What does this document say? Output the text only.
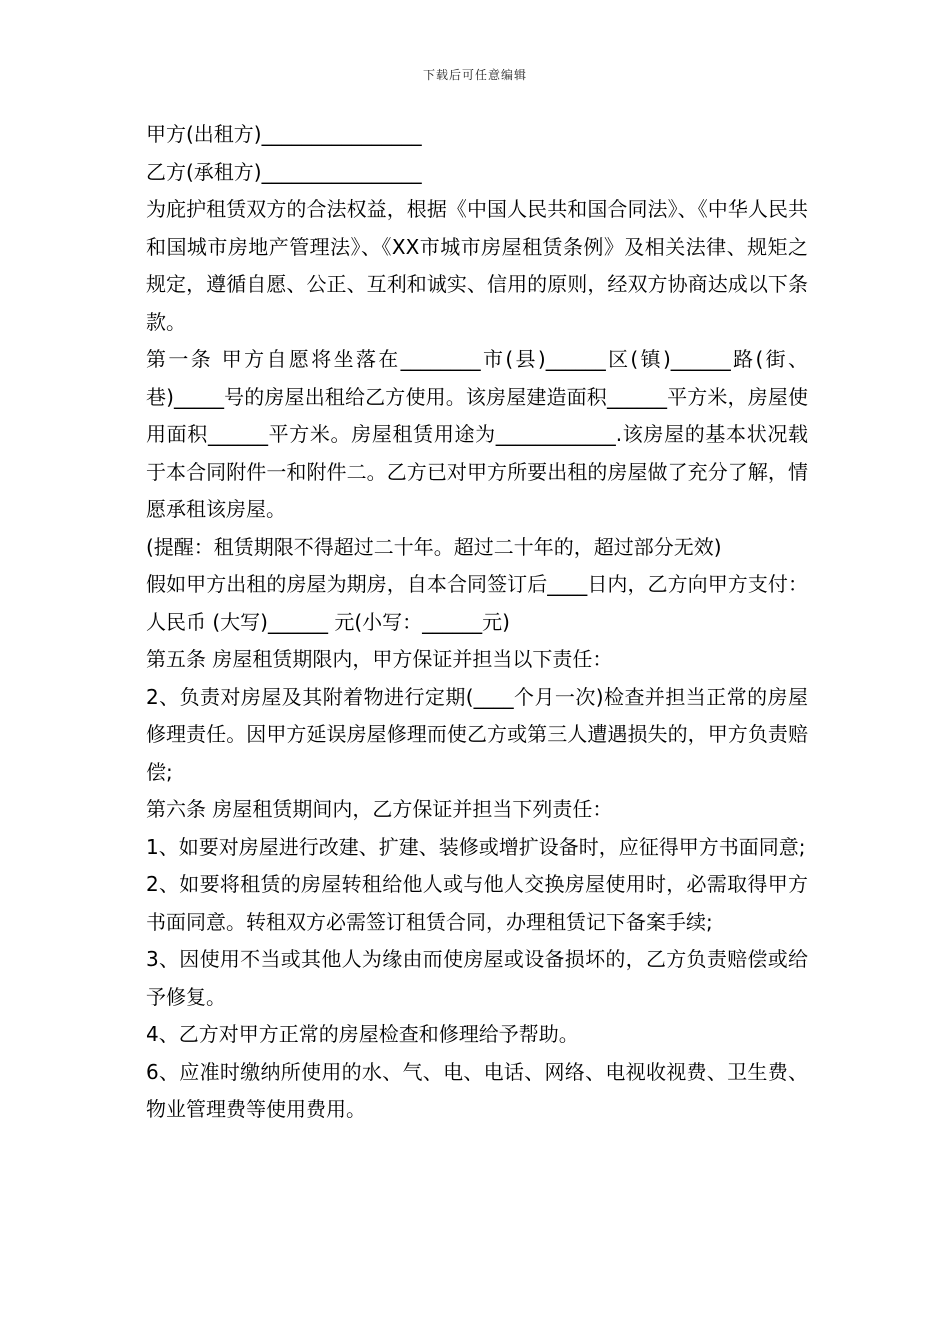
下载后可任意编辑

甲方(出租方)________________

乙方(承租方)________________

为庇护租赁双方的合法权益，根据《中国人民共和国合同法》、《中华人民共和国城市房地产管理法》、《XX市城市房屋租赁条例》及相关法律、规矩之规定，遵循自愿、公正、互利和诚实、信用的原则，经双方协商达成以下条款。

第一条 甲方自愿将坐落在________市(县)______区(镇)______路(街、巷)_____号的房屋出租给乙方使用。该房屋建造面积______平方米，房屋使用面积______平方米。房屋租赁用途为____________.该房屋的基本状况载于本合同附件一和附件二。乙方已对甲方所要出租的房屋做了充分了解，情愿承租该房屋。

(提醒：租赁期限不得超过二十年。超过二十年的，超过部分无效)

假如甲方出租的房屋为期房，自本合同签订后____日内，乙方向甲方支付：人民币 (大写)______ 元(小写：______元)

第五条 房屋租赁期限内，甲方保证并担当以下责任：

2、负责对房屋及其附着物进行定期(____个月一次)检查并担当正常的房屋修理责任。因甲方延误房屋修理而使乙方或第三人遭遇损失的，甲方负责赔偿;

第六条 房屋租赁期间内，乙方保证并担当下列责任：

1、如要对房屋进行改建、扩建、装修或增扩设备时，应征得甲方书面同意;

2、如要将租赁的房屋转租给他人或与他人交换房屋使用时，必需取得甲方书面同意。转租双方必需签订租赁合同，办理租赁记下备案手续;

3、因使用不当或其他人为缘由而使房屋或设备损坏的，乙方负责赔偿或给予修复。

4、乙方对甲方正常的房屋检查和修理给予帮助。

6、应准时缴纳所使用的水、气、电、电话、网络、电视收视费、卫生费、物业管理费等使用费用。
